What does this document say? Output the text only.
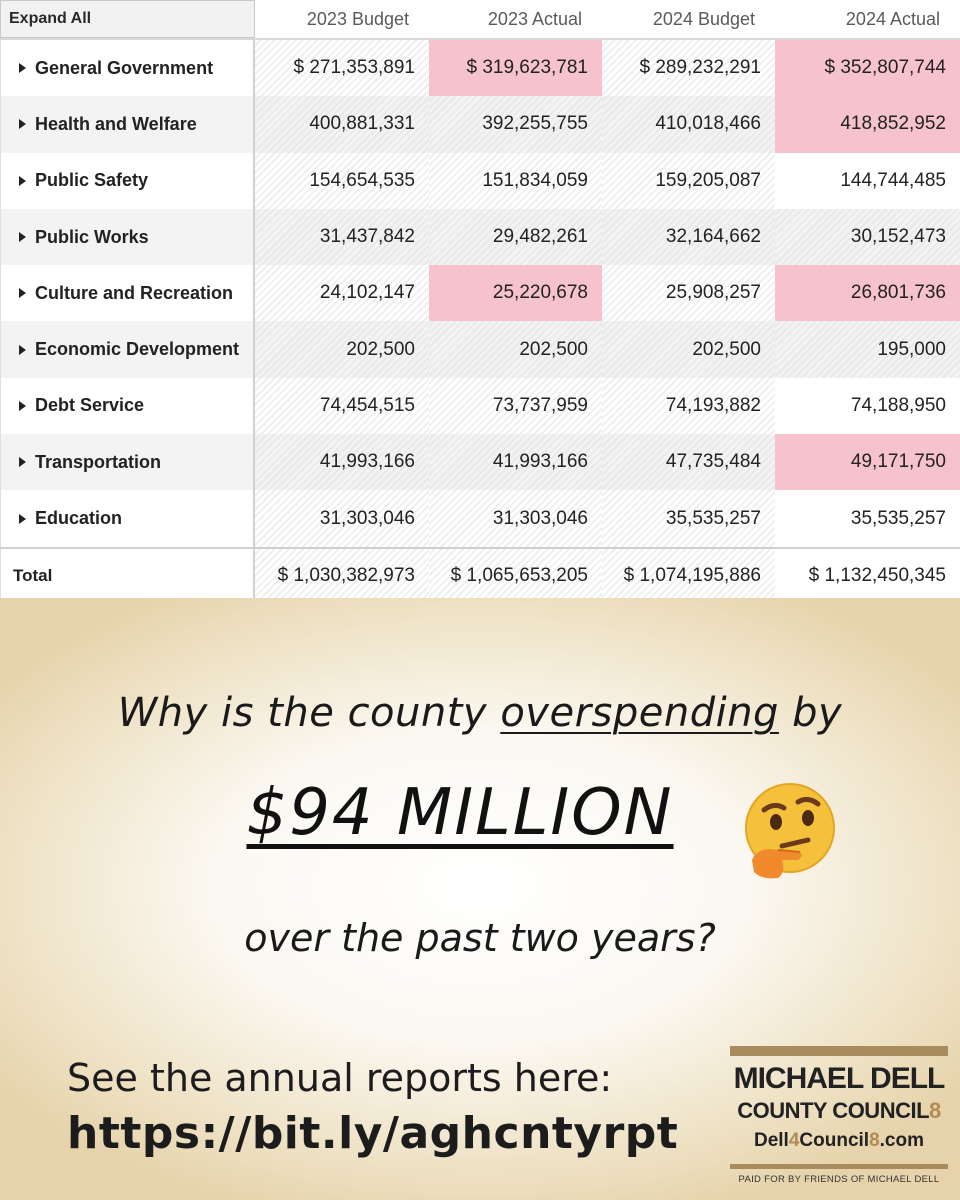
Expand All	2023 Budget	2023 Actual	2024 Budget	2024 Actual
General Government	$ 271,353,891	$ 319,623,781	$ 289,232,291	$ 352,807,744
Health and Welfare	400,881,331	392,255,755	410,018,466	418,852,952
Public Safety	154,654,535	151,834,059	159,205,087	144,744,485
Public Works	31,437,842	29,482,261	32,164,662	30,152,473
Culture and Recreation	24,102,147	25,220,678	25,908,257	26,801,736
Economic Development	202,500	202,500	202,500	195,000
Debt Service	74,454,515	73,737,959	74,193,882	74,188,950
Transportation	41,993,166	41,993,166	47,735,484	49,171,750
Education	31,303,046	31,303,046	35,535,257	35,535,257
Total	$ 1,030,382,973	$ 1,065,653,205	$ 1,074,195,886	$ 1,132,450,345
Why is the county overspending by
$94 MILLION
over the past two years?
See the annual reports here:
https://bit.ly/aghcntyrpt
MICHAEL DELL
COUNTY COUNCIL8
Dell4Council8.com
PAID FOR BY FRIENDS OF MICHAEL DELL
